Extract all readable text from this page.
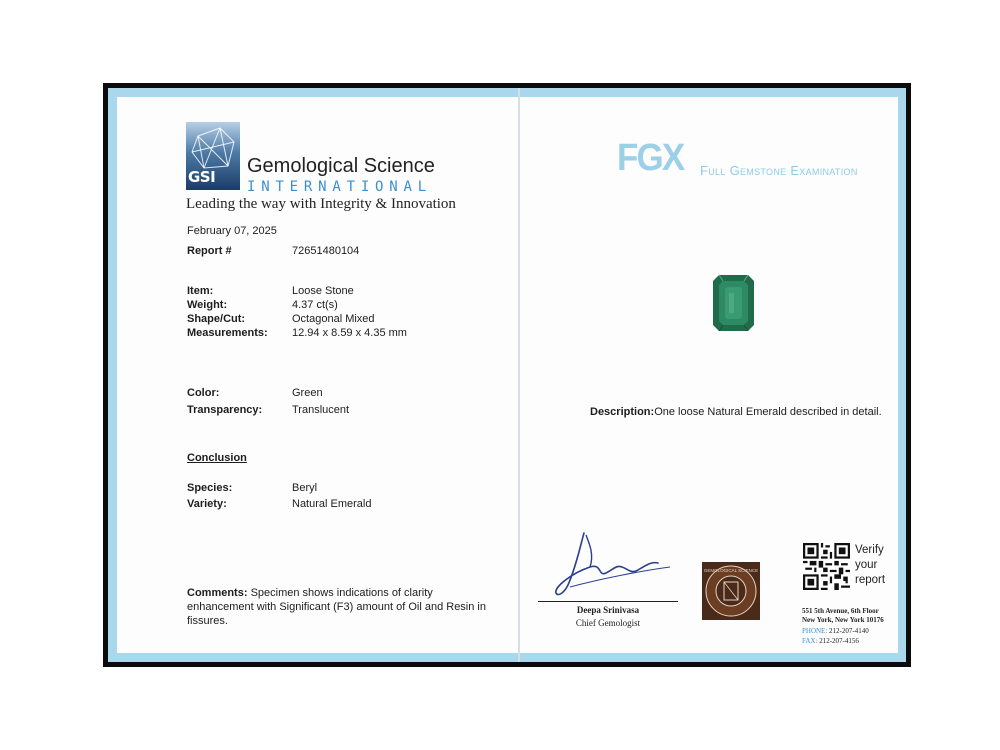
GSI Gemological Science
INTERNATIONAL
Leading the way with Integrity & Innovation
February 07, 2025
Report #	72651480104
Item:	Loose Stone
Weight:	4.37 ct(s)
Shape/Cut:	Octagonal Mixed
Measurements: 12.94 x 8.59 x 4.35 mm
Color:	Green
Transparency:	Translucent
Conclusion
Species:	Beryl
Variety:	Natural Emerald
Comments: Specimen shows indications of clarity enhancement with Significant (F3) amount of Oil and Resin in fissures.
FGX Full Gemstone Examination
Description:One loose Natural Emerald described in detail.
Deepa Srinivasa
Chief Gemologist
GEMOLOGICAL SCIENCE
Verify
your
report
551 5th Avenue, 6th Floor
New York, New York 10176
PHONE: 212-207-4140
FAX: 212-207-4156
